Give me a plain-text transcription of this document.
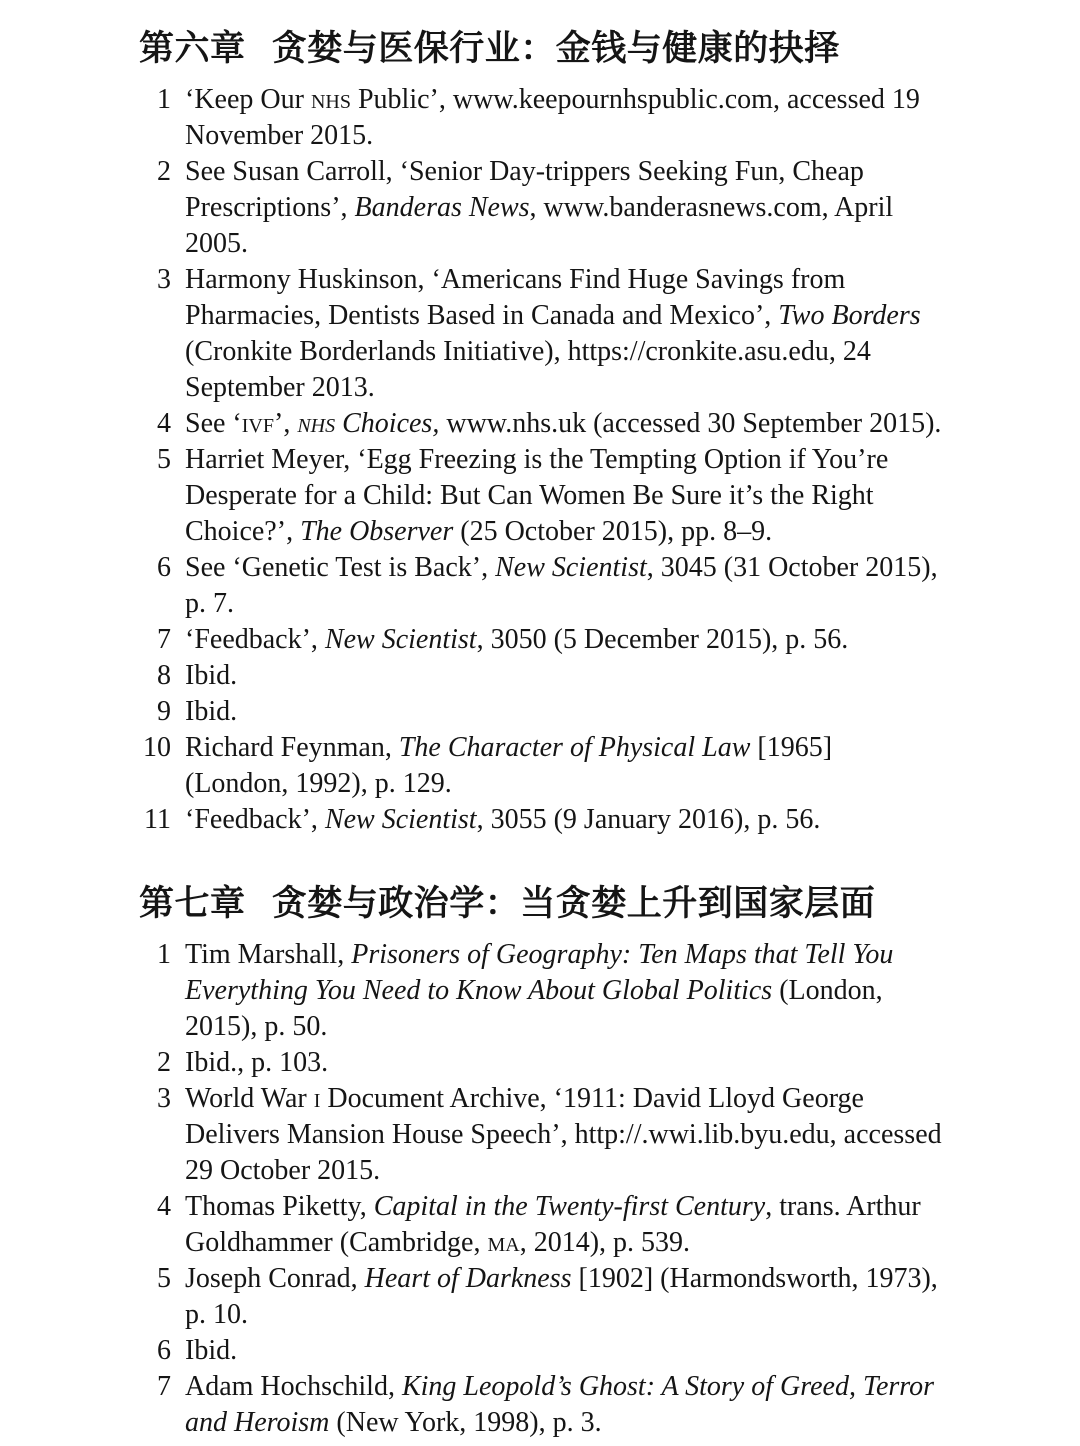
第六章 贪婪与医保行业：金钱与健康的抉择
1 ‘Keep Our nhs Public’, www.keepournhspublic.com, accessed 19 November 2015.
2 See Susan Carroll, ‘Senior Day-trippers Seeking Fun, Cheap Prescriptions’, Banderas News, www.banderasnews.com, April 2005.
3 Harmony Huskinson, ‘Americans Find Huge Savings from Pharmacies, Dentists Based in Canada and Mexico’, Two Borders (Cronkite Borderlands Initiative), https://cronkite.asu.edu, 24 September 2013.
4 See ‘ivf’, nhs Choices, www.nhs.uk (accessed 30 September 2015).
5 Harriet Meyer, ‘Egg Freezing is the Tempting Option if You’re Desperate for a Child: But Can Women Be Sure it’s the Right Choice?’, The Observer (25 October 2015), pp. 8–9.
6 See ‘Genetic Test is Back’, New Scientist, 3045 (31 October 2015), p. 7.
7 ‘Feedback’, New Scientist, 3050 (5 December 2015), p. 56.
8 Ibid.
9 Ibid.
10 Richard Feynman, The Character of Physical Law [1965] (London, 1992), p. 129.
11 ‘Feedback’, New Scientist, 3055 (9 January 2016), p. 56.
第七章 贪婪与政治学：当贪婪上升到国家层面
1 Tim Marshall, Prisoners of Geography: Ten Maps that Tell You Everything You Need to Know About Global Politics (London, 2015), p. 50.
2 Ibid., p. 103.
3 World War i Document Archive, ‘1911: David Lloyd George Delivers Mansion House Speech’, http://.wwi.lib.byu.edu, accessed 29 October 2015.
4 Thomas Piketty, Capital in the Twenty-first Century, trans. Arthur Goldhammer (Cambridge, ma, 2014), p. 539.
5 Joseph Conrad, Heart of Darkness [1902] (Harmondsworth, 1973), p. 10.
6 Ibid.
7 Adam Hochschild, King Leopold’s Ghost: A Story of Greed, Terror and Heroism (New York, 1998), p. 3.
